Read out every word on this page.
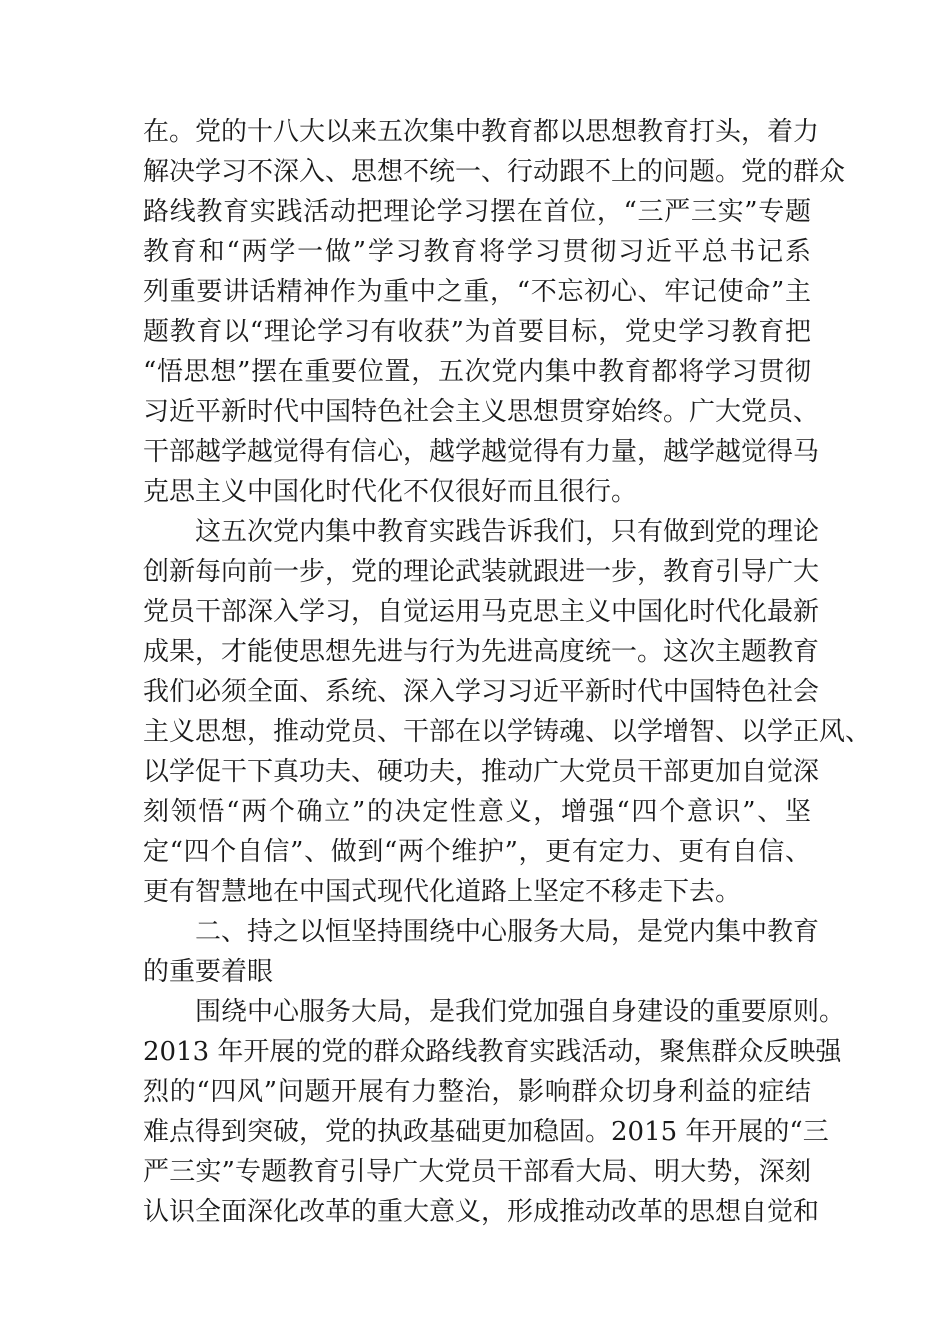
在。党的十八大以来五次集中教育都以思想教育打头，着力
解决学习不深入、思想不统一、行动跟不上的问题。党的群众
路线教育实践活动把理论学习摆在首位，“三严三实”专题
教育和“两学一做”学习教育将学习贯彻习近平总书记系
列重要讲话精神作为重中之重，“不忘初心、牢记使命”主
题教育以“理论学习有收获”为首要目标，党史学习教育把
“悟思想”摆在重要位置，五次党内集中教育都将学习贯彻
习近平新时代中国特色社会主义思想贯穿始终。广大党员、
干部越学越觉得有信心，越学越觉得有力量，越学越觉得马
克思主义中国化时代化不仅很好而且很行。
这五次党内集中教育实践告诉我们，只有做到党的理论
创新每向前一步，党的理论武装就跟进一步，教育引导广大
党员干部深入学习，自觉运用马克思主义中国化时代化最新
成果，才能使思想先进与行为先进高度统一。这次主题教育
我们必须全面、系统、深入学习习近平新时代中国特色社会
主义思想，推动党员、干部在以学铸魂、以学增智、以学正风、
以学促干下真功夫、硬功夫，推动广大党员干部更加自觉深
刻领悟“两个确立”的决定性意义，增强“四个意识”、坚
定“四个自信”、做到“两个维护”，更有定力、更有自信、
更有智慧地在中国式现代化道路上坚定不移走下去。
二、持之以恒坚持围绕中心服务大局，是党内集中教育
的重要着眼
围绕中心服务大局，是我们党加强自身建设的重要原则。
2013 年开展的党的群众路线教育实践活动，聚焦群众反映强
烈的“四风”问题开展有力整治，影响群众切身利益的症结
难点得到突破，党的执政基础更加稳固。2015 年开展的“三
严三实”专题教育引导广大党员干部看大局、明大势，深刻
认识全面深化改革的重大意义，形成推动改革的思想自觉和
